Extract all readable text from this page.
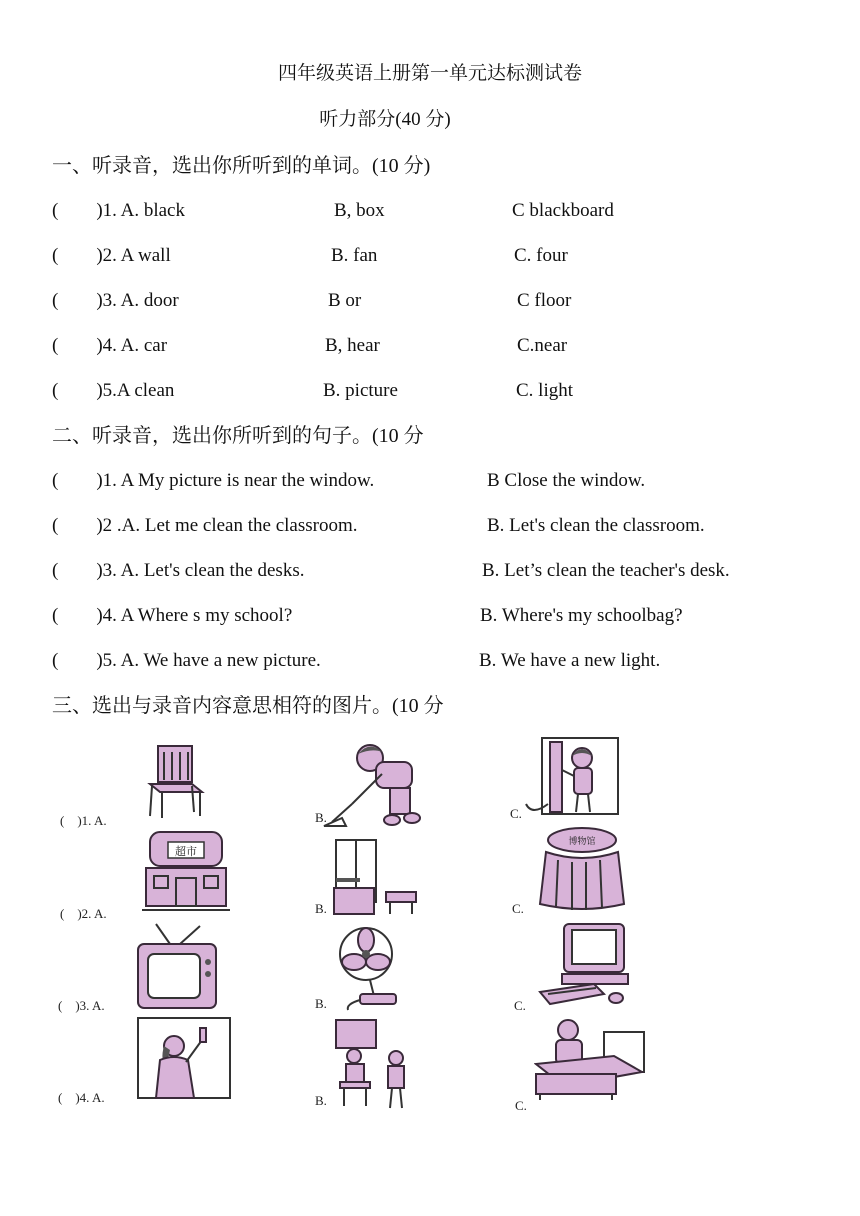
四年级英语上册第一单元达标测试卷
听力部分(40 分)
一、听录音，选出你所听到的单词。(10 分)
(　　)1. A. black	B, box	C blackboard
(　　)2. A wall	B. fan	C. four
(　　)3. A. door	B or	C floor
(　　)4. A. car	B, hear	C.near
(　　)5.A clean	B. picture	C. light
二、听录音，选出你所听到的句子。(10 分
(　　)1. A My picture is near the window.	B Close the window.
(　　)2 .A. Let me clean the classroom.	B. Let's clean the classroom.
(　　)3. A. Let's clean the desks.	B. Let’s clean the teacher's desk.
(　　)4. A Where s my school?	B. Where's my schoolbag?
(　　)5. A. We have a new picture.	B. We have a new light.
三、选出与录音内容意思相符的图片。(10 分
(　)1. A.	B.	C.
(　)2. A.	B.	C.
(　)3. A.	B.	C.
(　)4. A.	B.	C.
超市
博物馆
